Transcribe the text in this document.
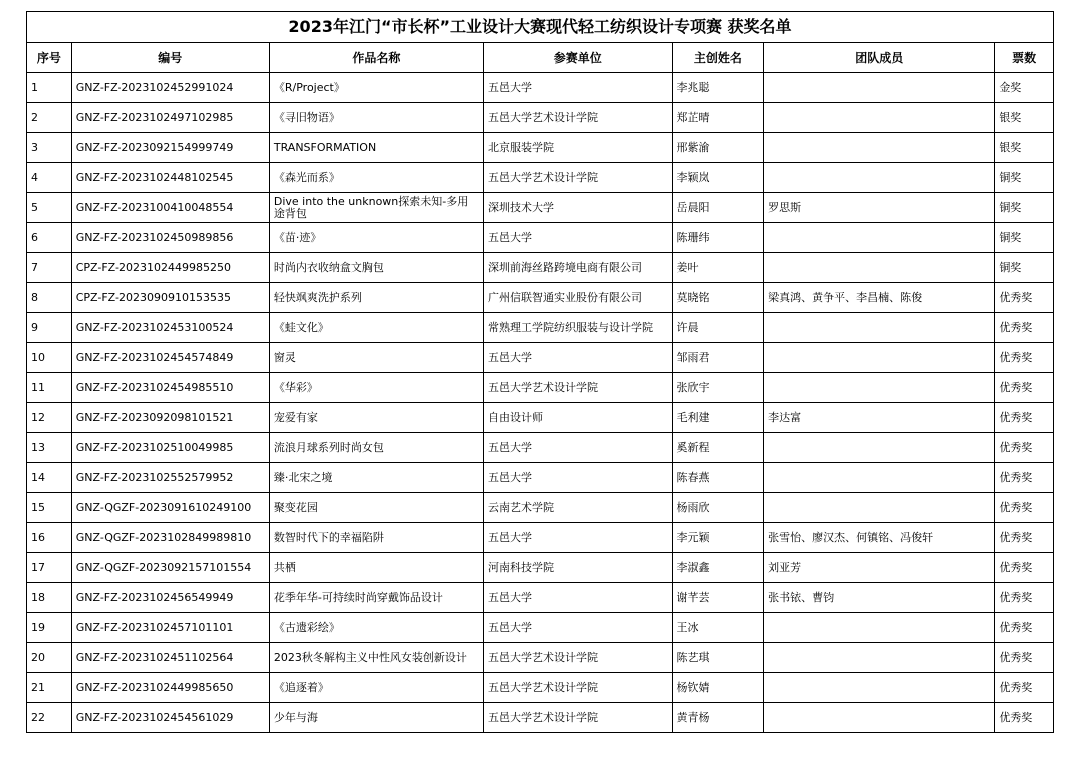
2023年江门“市长杯”工业设计大赛现代轻工纺织设计专项赛 获奖名单						
序号	编号	作品名称	参赛单位	主创姓名	团队成员	票数
1	GNZ-FZ-2023102452991024	《R/Project》	五邑大学	李兆聪		金奖
2	GNZ-FZ-2023102497102985	《寻旧物语》	五邑大学艺术设计学院	郑芷晴		银奖
3	GNZ-FZ-2023092154999749	TRANSFORMATION	北京服装学院	邢紫渝		银奖
4	GNZ-FZ-2023102448102545	《森光而系》	五邑大学艺术设计学院	李颖岚		铜奖
5	GNZ-FZ-2023100410048554	Dive into the unknown探索未知-多用途背包	深圳技术大学	岳晨阳	罗思斯	铜奖
6	GNZ-FZ-2023102450989856	《苗·迹》	五邑大学	陈珊纬		铜奖
7	CPZ-FZ-2023102449985250	时尚内衣收纳盒文胸包	深圳前海丝路跨境电商有限公司	姜叶		铜奖
8	CPZ-FZ-2023090910153535	轻快飒爽洗护系列	广州信联智通实业股份有限公司	莫晓铭	梁真鸿、黄争平、李昌楠、陈俊	优秀奖
9	GNZ-FZ-2023102453100524	《蛙文化》	常熟理工学院纺织服装与设计学院	许晨		优秀奖
10	GNZ-FZ-2023102454574849	窗灵	五邑大学	邹雨君		优秀奖
11	GNZ-FZ-2023102454985510	《华彩》	五邑大学艺术设计学院	张欣宇		优秀奖
12	GNZ-FZ-2023092098101521	宠爱有家	自由设计师	毛利建	李达富	优秀奖
13	GNZ-FZ-2023102510049985	流浪月球系列时尚女包	五邑大学	奚新程		优秀奖
14	GNZ-FZ-2023102552579952	臻·北宋之境	五邑大学	陈春燕		优秀奖
15	GNZ-QGZF-2023091610249100	聚变花园	云南艺术学院	杨雨欣		优秀奖
16	GNZ-QGZF-2023102849989810	数智时代下的幸福陷阱	五邑大学	李元颖	张雪怡、廖汉杰、何镇铭、冯俊轩	优秀奖
17	GNZ-QGZF-2023092157101554	共栖	河南科技学院	李淑鑫	刘亚芳	优秀奖
18	GNZ-FZ-2023102456549949	花季年华-可持续时尚穿戴饰品设计	五邑大学	谢芊芸	张书铱、曹钧	优秀奖
19	GNZ-FZ-2023102457101101	《古遗彩绘》	五邑大学	王冰		优秀奖
20	GNZ-FZ-2023102451102564	2023秋冬解构主义中性风女装创新设计	五邑大学艺术设计学院	陈艺琪		优秀奖
21	GNZ-FZ-2023102449985650	《追逐着》	五邑大学艺术设计学院	杨钦婧		优秀奖
22	GNZ-FZ-2023102454561029	少年与海	五邑大学艺术设计学院	黄青杨		优秀奖
